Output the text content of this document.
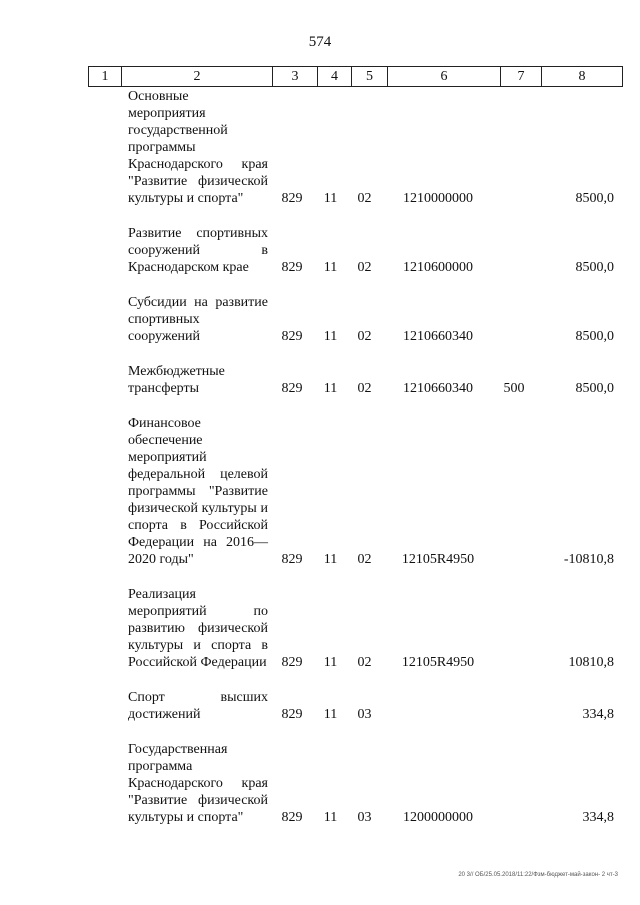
574
1	2	3	4	5	6	7	8
Основные мероприятия государственной программы Краснодарского края "Развитие физической культуры и спорта"	829	11	02	1210000000		8500,0

Развитие спортивных сооружений в Краснодарском крае	829	11	02	1210600000		8500,0

Субсидии на развитие спортивных сооружений	829	11	02	1210660340		8500,0

Межбюджетные трансферты	829	11	02	1210660340	500	8500,0

Финансовое обеспечение мероприятий федеральной целевой программы "Развитие физической культуры и спорта в Российской Федерации на 2016—2020 годы"	829	11	02	12105R4950		-10810,8

Реализация мероприятий по развитию физической культуры и спорта в Российской Федерации	829	11	02	12105R4950		10810,8

Спорт высших достижений	829	11	03			334,8

Государственная программа Краснодарского края "Развитие физической культуры и спорта"	829	11	03	1200000000		334,8
20 3// ОБ/25.05.2018/11:22/Фзм-бюджет-май-закон- 2 чт-3
